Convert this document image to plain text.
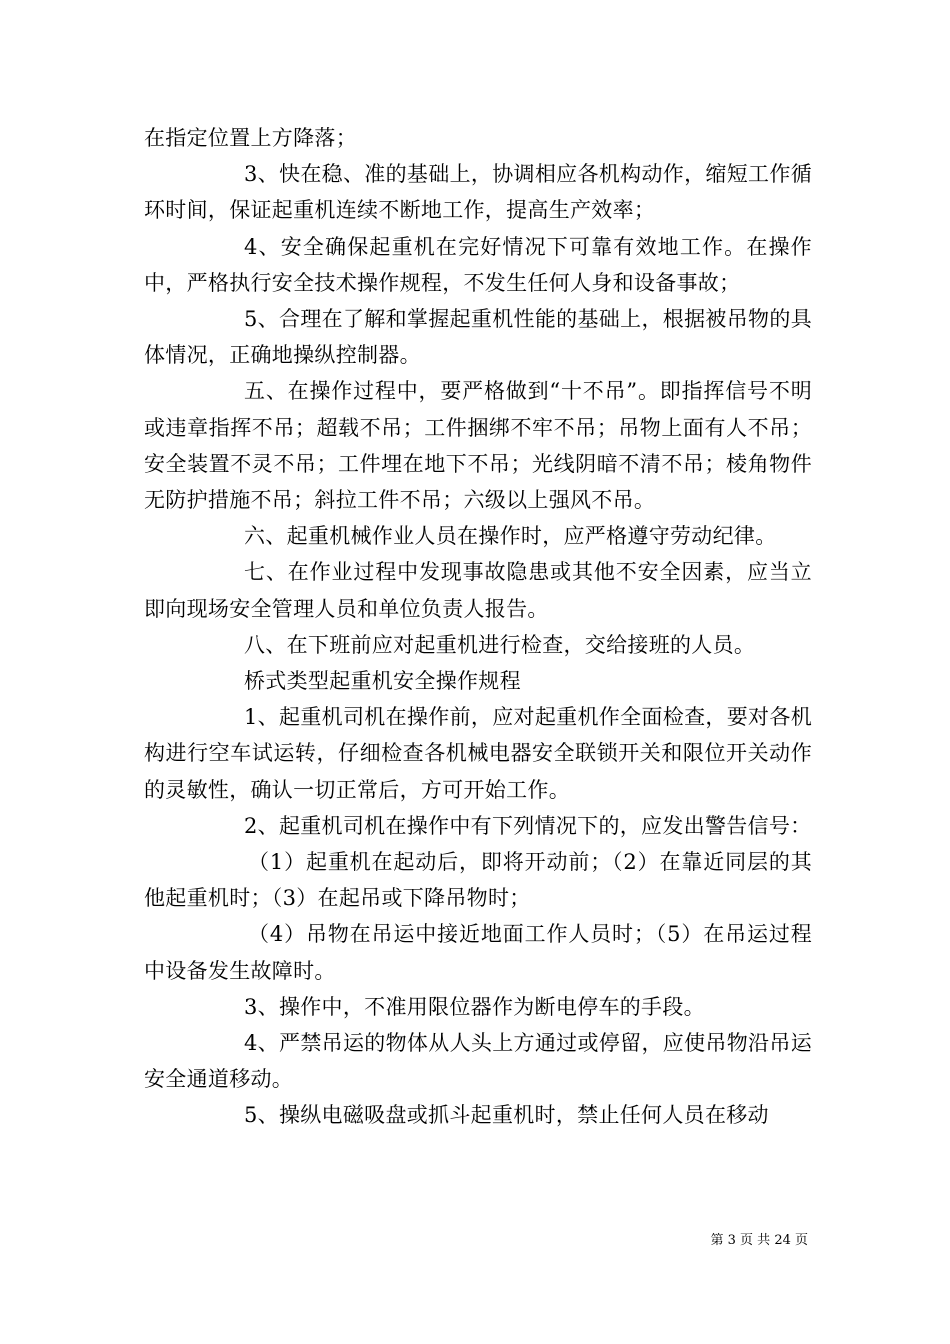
在指定位置上方降落；

3、快在稳、准的基础上，协调相应各机构动作，缩短工作循环时间，保证起重机连续不断地工作，提高生产效率；

4、安全确保起重机在完好情况下可靠有效地工作。在操作中，严格执行安全技术操作规程，不发生任何人身和设备事故；

5、合理在了解和掌握起重机性能的基础上，根据被吊物的具体情况，正确地操纵控制器。

五、在操作过程中，要严格做到“十不吊”。即指挥信号不明或违章指挥不吊；超载不吊；工件捆绑不牢不吊；吊物上面有人不吊；安全装置不灵不吊；工件埋在地下不吊；光线阴暗不清不吊；棱角物件无防护措施不吊；斜拉工件不吊；六级以上强风不吊。

六、起重机械作业人员在操作时，应严格遵守劳动纪律。

七、在作业过程中发现事故隐患或其他不安全因素，应当立即向现场安全管理人员和单位负责人报告。

八、在下班前应对起重机进行检查，交给接班的人员。

桥式类型起重机安全操作规程

1、起重机司机在操作前，应对起重机作全面检查，要对各机构进行空车试运转，仔细检查各机械电器安全联锁开关和限位开关动作的灵敏性，确认一切正常后，方可开始工作。

2、起重机司机在操作中有下列情况下的，应发出警告信号：

（1）起重机在起动后，即将开动前；（2）在靠近同层的其他起重机时；（3）在起吊或下降吊物时；

（4）吊物在吊运中接近地面工作人员时；（5）在吊运过程中设备发生故障时。

3、操作中，不准用限位器作为断电停车的手段。

4、严禁吊运的物体从人头上方通过或停留，应使吊物沿吊运安全通道移动。

5、操纵电磁吸盘或抓斗起重机时，禁止任何人员在移动

第 3 页 共 24 页
